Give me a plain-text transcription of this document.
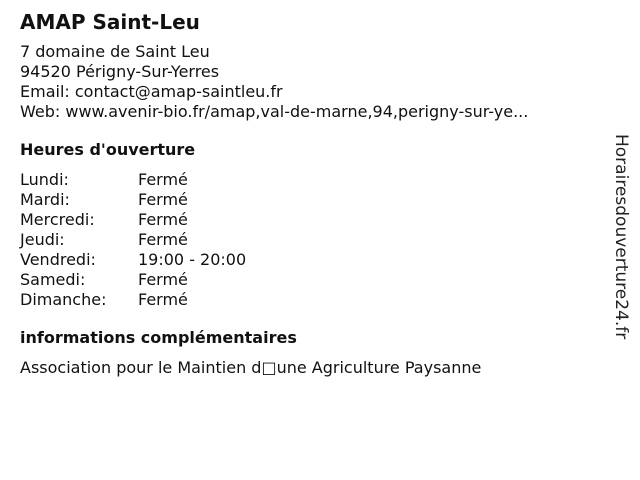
AMAP Saint-Leu
7 domaine de Saint Leu
94520 Périgny-Sur-Yerres
Email: contact@amap-saintleu.fr
Web: www.avenir-bio.fr/amap,val-de-marne,94,perigny-sur-ye...
Heures d'ouverture
Lundi:	Fermé
Mardi:	Fermé
Mercredi:	Fermé
Jeudi:	Fermé
Vendredi:	19:00 - 20:00
Samedi:	Fermé
Dimanche:	Fermé
informations complémentaires
Association pour le Maintien d□une Agriculture Paysanne
Horairesdouverture24.fr
